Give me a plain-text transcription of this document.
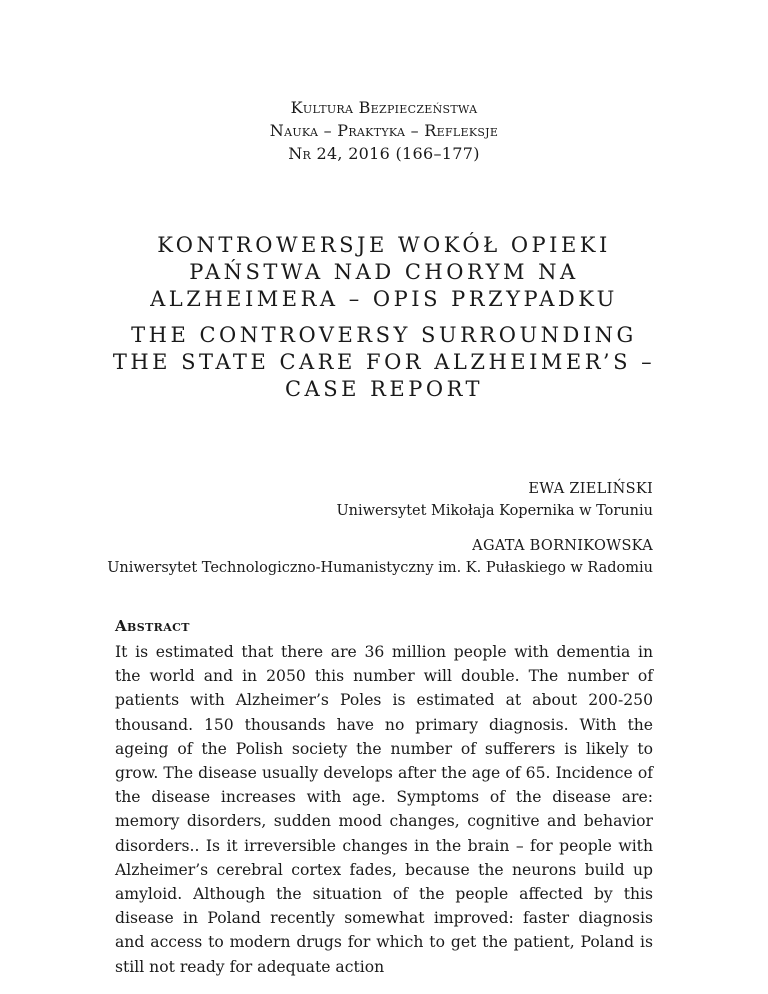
Kultura Bezpieczeństwa
Nauka – Praktyka – Refleksje
Nr 24, 2016 (166–177)
KONTROWERSJE WOKÓŁ OPIEKI
PAŃSTWA NAD CHORYM NA
ALZHEIMERA – OPIS PRZYPADKU
THE CONTROVERSY SURROUNDING
THE STATE CARE FOR ALZHEIMER’S –
CASE REPORT
EWA ZIELIŃSKI
Uniwersytet Mikołaja Kopernika w Toruniu
AGATA BORNIKOWSKA
Uniwersytet Technologiczno-Humanistyczny im. K. Pułaskiego w Radomiu
Abstract

It is estimated that there are 36 million people with dementia in the world and in 2050 this number will double. The number of patients with Alzheimer’s Poles is estimated at about 200-250 thousand. 150 thousands have no primary diagnosis. With the ageing of the Polish society the number of sufferers is likely to grow. The disease usually develops after the age of 65. Incidence of the disease increases with age. Symptoms of the disease are: memory disorders, sudden mood changes, cognitive and behavior disorders.. Is it irreversible changes in the brain – for people with Alzheimer’s cerebral cortex fades, because the neurons build up amyloid. Although the situation of the people affected by this disease in Poland recently somewhat improved: faster diagnosis and access to modern drugs for which to get the patient, Poland is still not ready for adequate action
